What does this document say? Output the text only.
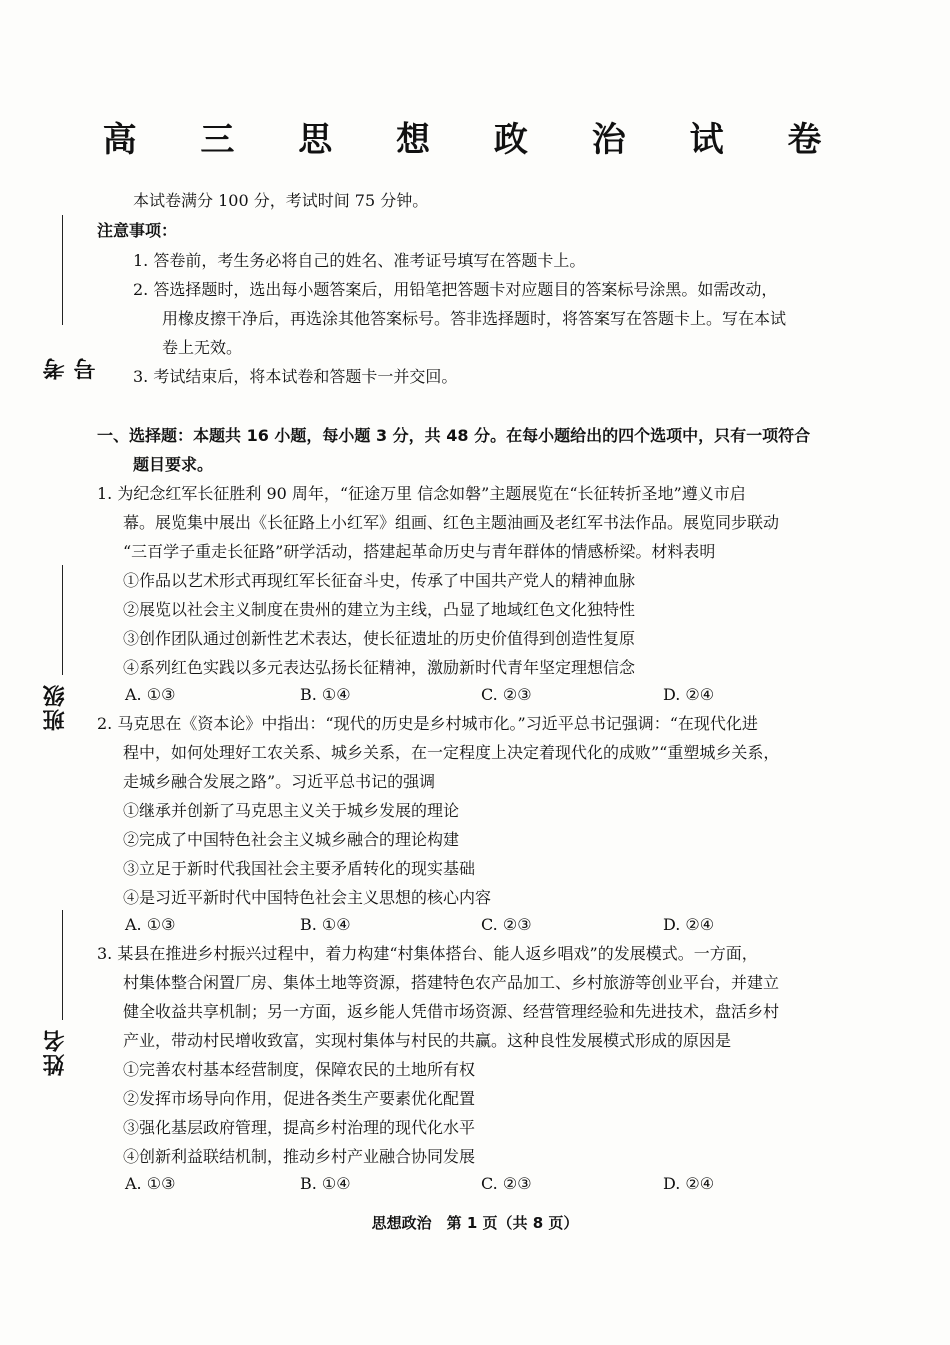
高 三 思 想 政 治 试 卷
本试卷满分 100 分，考试时间 75 分钟。
注意事项：
1. 答卷前，考生务必将自己的姓名、准考证号填写在答题卡上。
2. 答选择题时，选出每小题答案后，用铅笔把答题卡对应题目的答案标号涂黑。如需改动，
用橡皮擦干净后，再选涂其他答案标号。答非选择题时，将答案写在答题卡上。写在本试
卷上无效。
3. 考试结束后，将本试卷和答题卡一并交回。
考号
班级
姓名
一、选择题：本题共 16 小题，每小题 3 分，共 48 分。在每小题给出的四个选项中，只有一项符合
题目要求。
1. 为纪念红军长征胜利 90 周年，“征途万里 信念如磐”主题展览在“长征转折圣地”遵义市启
幕。展览集中展出《长征路上小红军》组画、红色主题油画及老红军书法作品。展览同步联动
“三百学子重走长征路”研学活动，搭建起革命历史与青年群体的情感桥梁。材料表明
①作品以艺术形式再现红军长征奋斗史，传承了中国共产党人的精神血脉
②展览以社会主义制度在贵州的建立为主线，凸显了地域红色文化独特性
③创作团队通过创新性艺术表达，使长征遗址的历史价值得到创造性复原
④系列红色实践以多元表达弘扬长征精神，激励新时代青年坚定理想信念
A. ①③	B. ①④	C. ②③	D. ②④
2. 马克思在《资本论》中指出：“现代的历史是乡村城市化。”习近平总书记强调：“在现代化进
程中，如何处理好工农关系、城乡关系，在一定程度上决定着现代化的成败”“重塑城乡关系，
走城乡融合发展之路”。习近平总书记的强调
①继承并创新了马克思主义关于城乡发展的理论
②完成了中国特色社会主义城乡融合的理论构建
③立足于新时代我国社会主要矛盾转化的现实基础
④是习近平新时代中国特色社会主义思想的核心内容
A. ①③	B. ①④	C. ②③	D. ②④
3. 某县在推进乡村振兴过程中，着力构建“村集体搭台、能人返乡唱戏”的发展模式。一方面，
村集体整合闲置厂房、集体土地等资源，搭建特色农产品加工、乡村旅游等创业平台，并建立
健全收益共享机制；另一方面，返乡能人凭借市场资源、经营管理经验和先进技术，盘活乡村
产业，带动村民增收致富，实现村集体与村民的共赢。这种良性发展模式形成的原因是
①完善农村基本经营制度，保障农民的土地所有权
②发挥市场导向作用，促进各类生产要素优化配置
③强化基层政府管理，提高乡村治理的现代化水平
④创新利益联结机制，推动乡村产业融合协同发展
A. ①③	B. ①④	C. ②③	D. ②④
思想政治　第 1 页（共 8 页）
